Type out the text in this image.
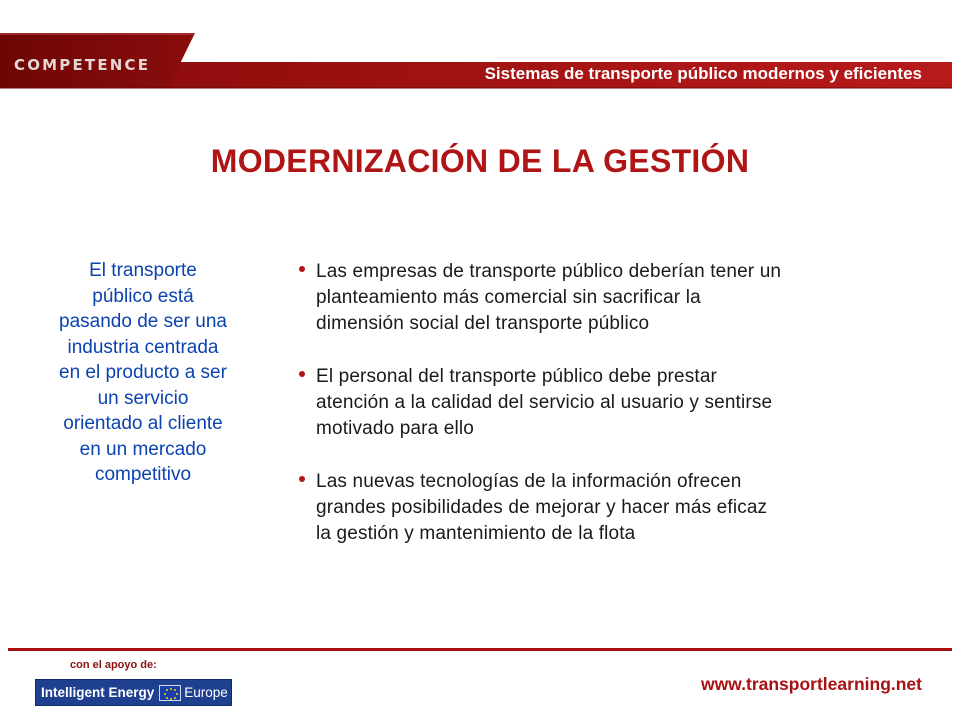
COMPETENCE	Sistemas de transporte público modernos y eficientes
MODERNIZACIÓN DE LA GESTIÓN
El transporte
público está
pasando de ser una
industria centrada
en el producto a ser
un servicio
orientado al cliente
en un mercado
competitivo
Las empresas de transporte público deberían tener un
planteamiento más comercial sin sacrificar la
dimensión social del transporte público
El personal del transporte público debe prestar
atención a la calidad del servicio al usuario y sentirse
motivado para ello
Las nuevas tecnologías de la información ofrecen
grandes posibilidades de mejorar y hacer más eficaz
la gestión y mantenimiento de la flota
con el apoyo de:
Intelligent Energy Europe	www.transportlearning.net
